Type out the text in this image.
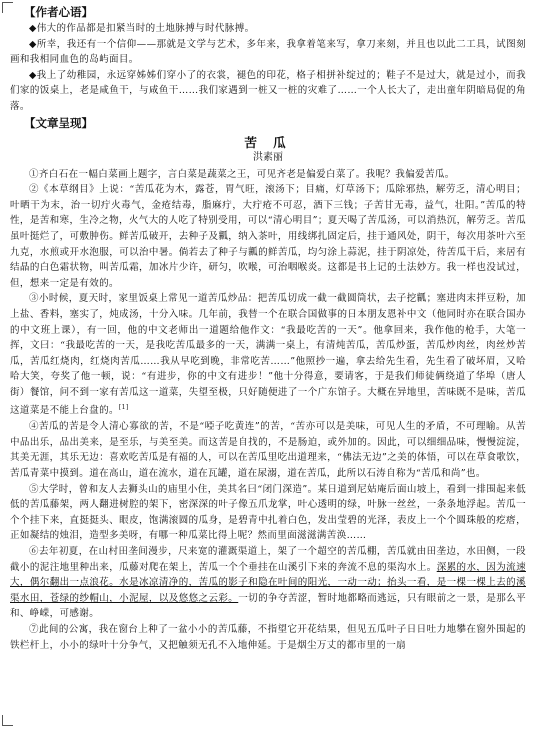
【作者心语】

◆伟大的作品都是扣紧当时的土地脉搏与时代脉搏。

◆所幸，我还有一个信仰——那就是文学与艺术，多年来，我拿着笔来写，拿刀来刻，并且也以此二工具，试图刻画和我相同血色的岛屿面目。

◆我上了幼稚园，永远穿姊姊们穿小了的衣裳，褪色的印花，格子相拼补绽过的；鞋子不是过大，就是过小，而我们家的饭桌上，老是咸鱼干，与咸鱼干……我们家遇到一桩又一桩的灾难了……一个人长大了，走出童年阴暗局促的角落。

【文章呈现】
苦 瓜
洪素丽

①齐白石在一幅白菜画上题字，言白菜是蔬菜之王，可见齐老是偏爱白菜了。我呢？我偏爱苦瓜。

②《本草纲目》上说：“苦瓜花为木，露苍，胃气旺，滚汤下；目痛，灯草汤下；瓜除邪热，解劳乏，清心明目；叶晒干为末，治一切疔火毒气，金疮结毒，脂麻疔，大疔疮不可忍，酒下三钱；子苦甘无毒，益气，壮阳。”苦瓜的特性，是苦和寒，生冷之物，火气大的人吃了特别受用，可以“清心明目”；夏天喝了苦瓜汤，可以消热沉，解劳乏。苦瓜虽叶挺烂了，可敷肿伤。鲜苦瓜破开，去种子及瓤，纳入茶叶，用线绑扎固定后，挂于通风处，阴干，每次用茶叶六至九克，水煎或开水泡服，可以治中暑。倘若去了种子与瓤的鲜苦瓜，均匀涂上蒜泥，挂于阴凉处，待苦瓜干后，来居有结晶的白色霜状物，叫苦瓜霜，加冰片少许，研匀，吹喉，可治咽喉炎。这都是书上记的土法妙方。我一样也没试过，但，想来一定是有效的。

③小时候，夏天时，家里饭桌上常见一道苦瓜炒品：把苦瓜切成一截一截圆筒状，去子挖瓤；塞进肉末拌豆粉，加上盐、香料，塞实了，炖成汤，十分入味。几年前，我替一个在联合国做事的日本朋友恩补中文（他同时亦在联合国办的中文班上课），有一回，他的中文老师出一道题给他作文：“我最吃苦的一天”。他拿回来，我作他的枪手，大笔一挥，文曰：“我最吃苦的一天，是我吃苦瓜最多的一天，满满一桌上，有清炖苦瓜，苦瓜炒蛋，苦瓜炒肉丝，肉丝炒苦瓜，苦瓜红烧肉，红烧肉苦瓜……我从早吃到晚，非常吃苦……”他照抄一遍，拿去给先生看，先生看了破坏眉，又哈哈大笑，夸奖了他一顿，说：“有进步，你的中文有进步！”他十分得意，要请客，于是我们师徒俩绕道了华埠（唐人街）餐馆，问不到一家有苦瓜这一道菜，失望至极，只好随便进了一个广东馆子。大概在异地里，苦味既不是味，苦瓜这道菜是不能上台盘的。[1]

④苦瓜的苦是令人清心寡欲的苦，不是“啞子吃黄连”的苦，“苦亦可以是美味，可见人生的矛盾，不可理喻。从苦中品出乐，品出美来，是至乐，与美至美。而这苦是自找的，不是肠迫，或外加的。因此，可以细细品味，慢慢淀淀，其美无涯，其乐无边：喜欢吃苦瓜是有福的人，可以在苦瓜里吃出道理来，“佛法无边”之美的体悟，可以在草食歌饮，苦瓜青菜中摸到。道在高山，道在流水，道在瓦罐，道在尿溺，道在苦瓜，此所以石涛自称为“苦瓜和尚”也。

⑤大学时，曾和友人去狮头山的庙里小住，美其名曰“闭门深造”。某日道到尼姑庵后面山坡上，看到一排围起来低低的苦瓜藤架，两人翻进树腔的架下，密深深的叶子像五爪龙掌，叶心透明的绿，叶脉一丝丝，一条条地浮起。苦瓜一个个挂下来，直挺挺头、眼皮，饱满滚圆的瓜身，是碧青中扎着白色，发出莹碧的光泽，表皮上一个个圆珠般的疙瘩，正如凝结的烛泪，造型多美呀，有哪一种瓜菜比得上呢？然而里面滋滋满苦涣……

⑥去年初夏，在山村田垄间漫步，尺来宽的灌溉渠道上，架了一个超空的苦瓜棚，苦瓜就由田垄边，水田侧，一段截小的泥注地里种出来，瓜藤对爬在架上，苦瓜一个个垂挂在山溪引下来的奔流不息的渠沟水上。深累的水，因为流速大，偶尔翻出一点浪花。水是冰凉清净的，苦瓜的影子和隐在叶间的阳光，一动一动；抬头一看，是一棵一棵上去的溪渠水田，苍绿的纱帽山，小泥屋，以及悠悠之云彩。一切的争夺苦涩，暂时地都略而逃远，只有眼前之一景，是那么平和、峥嵘，可感谢。

⑦此间的公寓，我在窗台上种了一盆小小的苦瓜藤，不指望它开花结果，但见五瓜叶子日日吐力地攀在窗外围起的铁栏杆上，小小的绿叶十分争气，又把触须无孔不入地伸延。于是烟尘万丈的都市里的一扇
